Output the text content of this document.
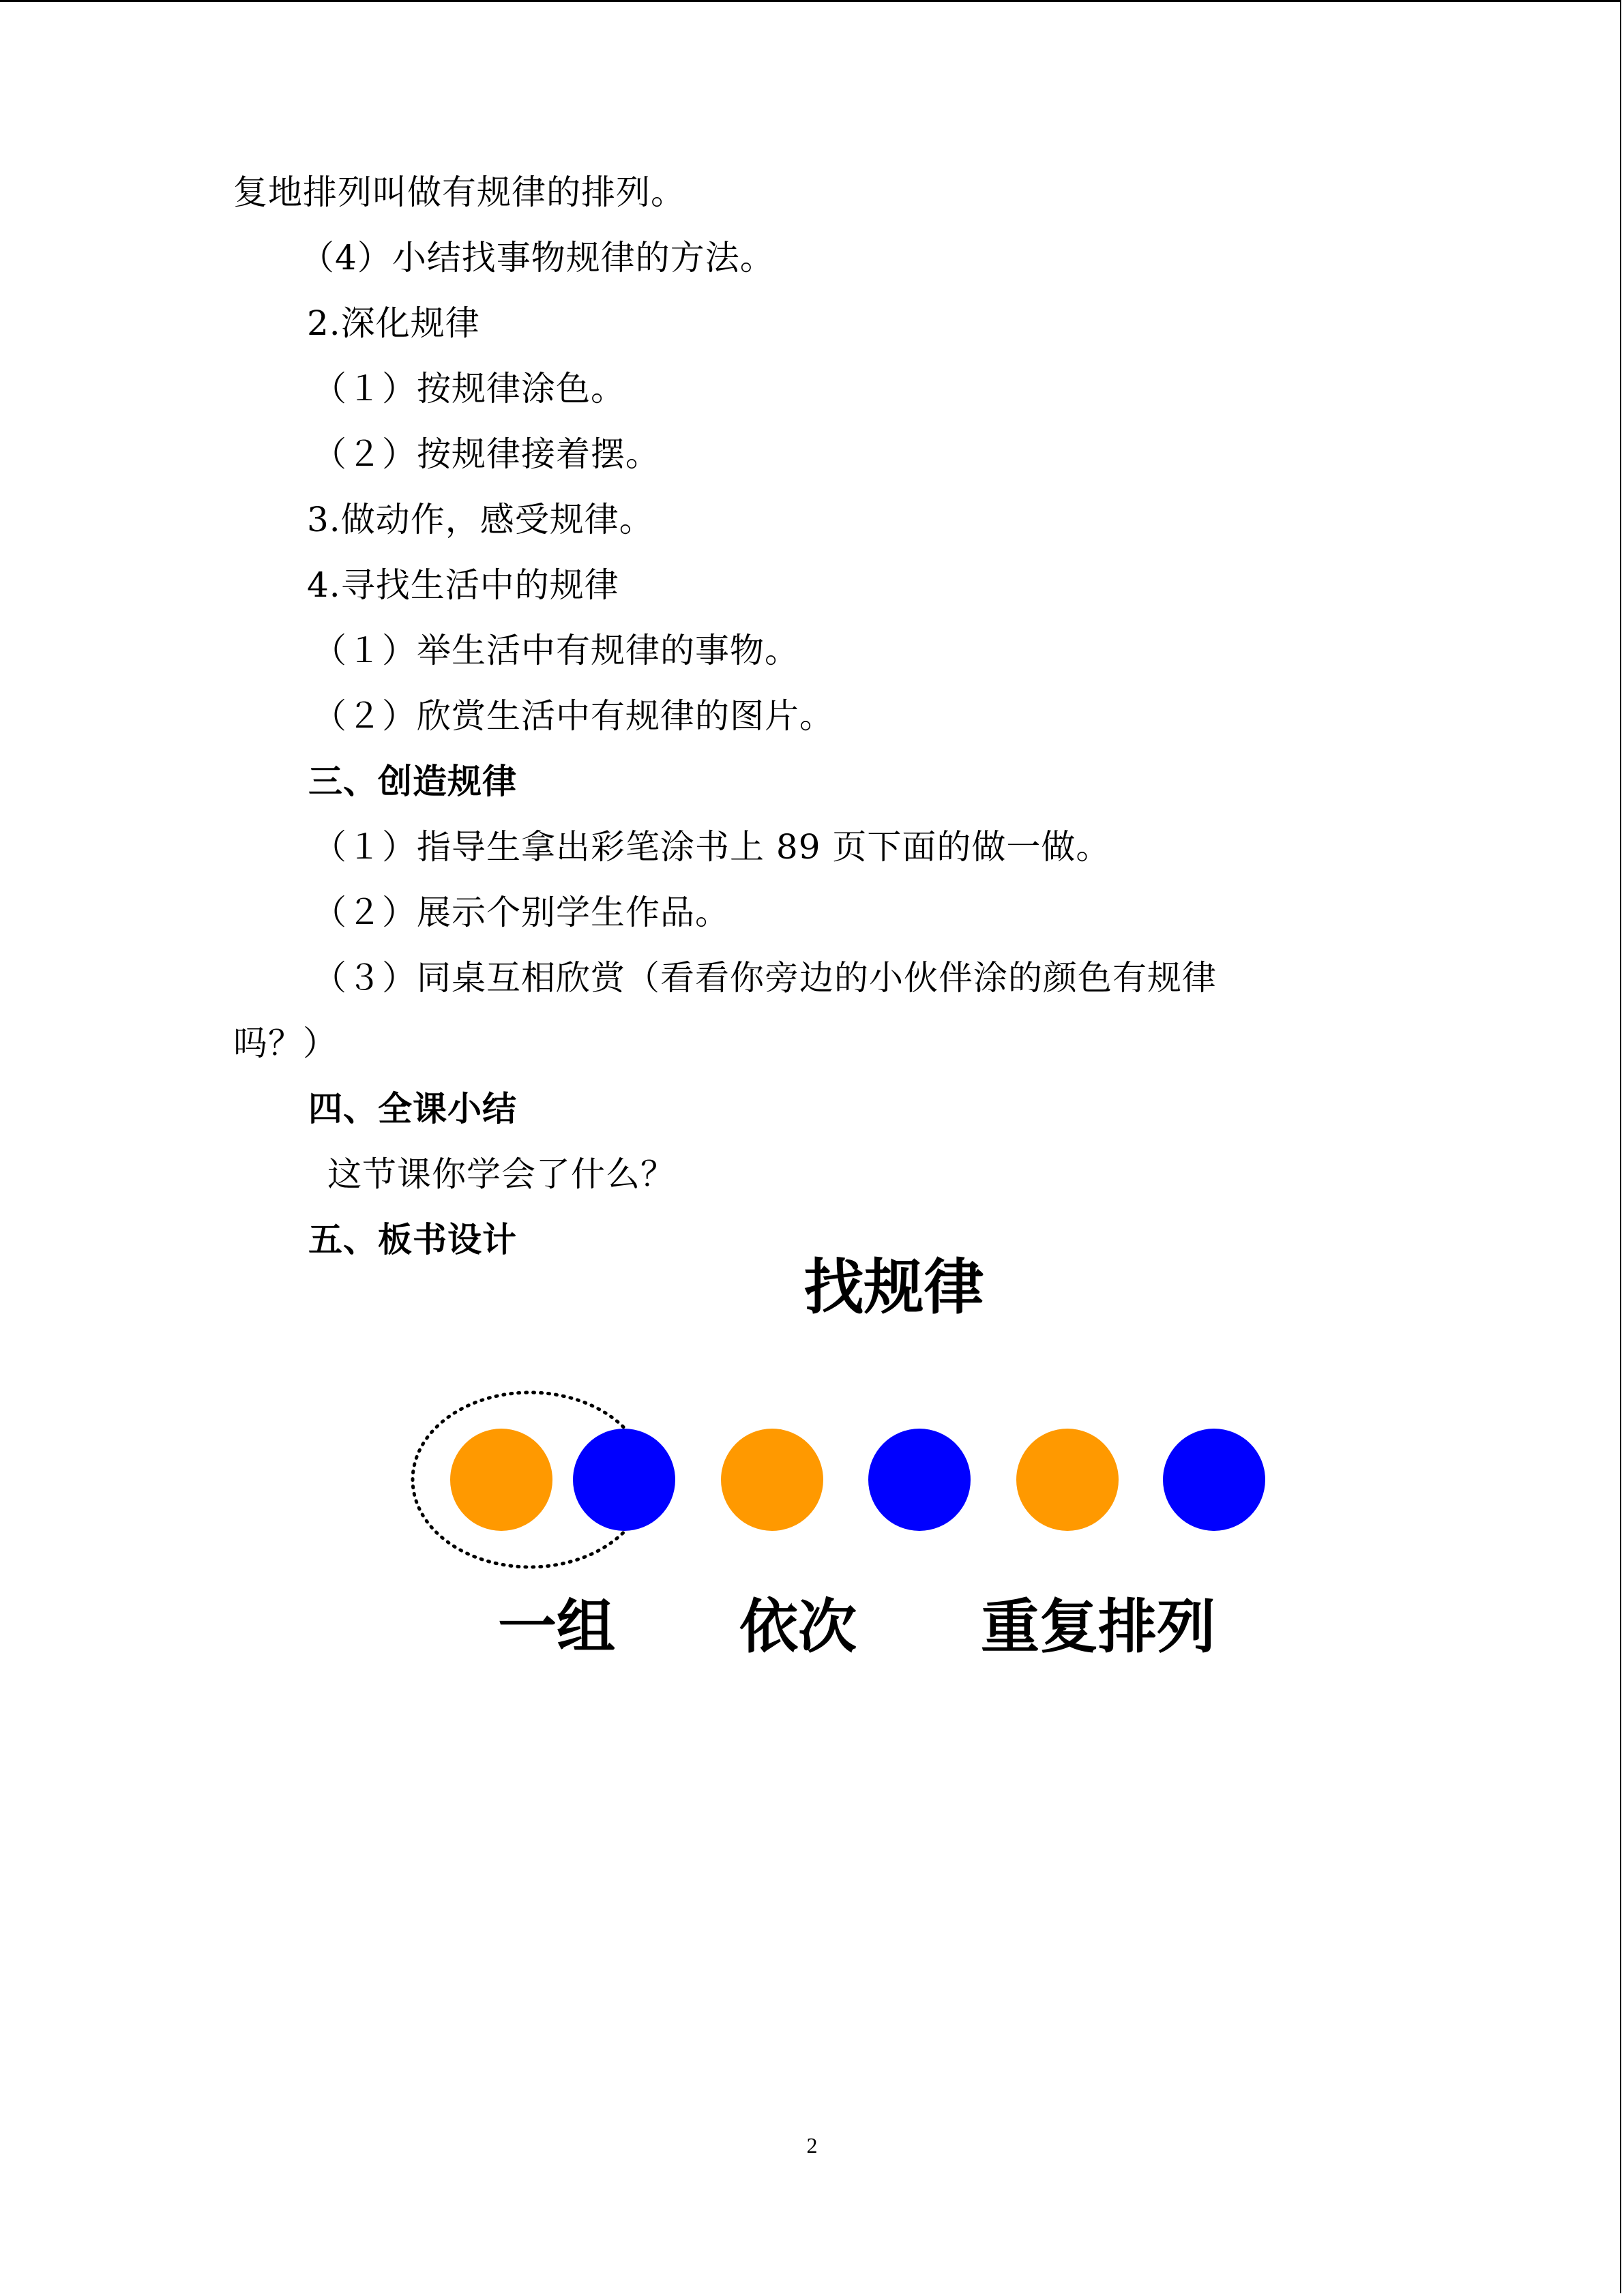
复地排列叫做有规律的排列。
（4）小结找事物规律的方法。
2.深化规律
（１）按规律涂色。
（２）按规律接着摆。
3.做动作，感受规律。
4.寻找生活中的规律
（１）举生活中有规律的事物。
（２）欣赏生活中有规律的图片。
三、创造规律
（１）指导生拿出彩笔涂书上 89 页下面的做一做。
（２）展示个别学生作品。
（３）同桌互相欣赏（看看你旁边的小伙伴涂的颜色有规律
吗？）
四、全课小结
这节课你学会了什么？
五、板书设计
找规律
一组 依次 重复排列
2
